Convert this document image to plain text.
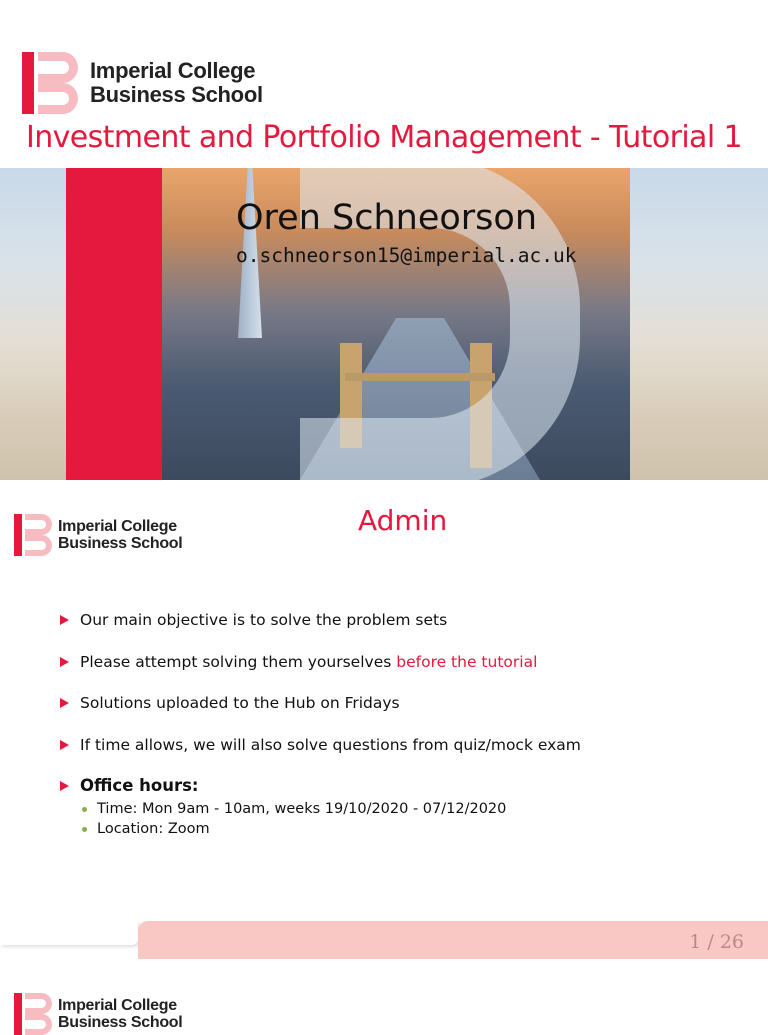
Imperial College
Business School
Investment and Portfolio Management - Tutorial 1
Oren Schneorson
o.schneorson15@imperial.ac.uk
Imperial College
Business School
Admin
Our main objective is to solve the problem sets
Please attempt solving them yourselves before the tutorial
Solutions uploaded to the Hub on Fridays
If time allows, we will also solve questions from quiz/mock exam
Office hours:
Time: Mon 9am - 10am, weeks 19/10/2020 - 07/12/2020
Location: Zoom
1 / 26
Imperial College
Business School
